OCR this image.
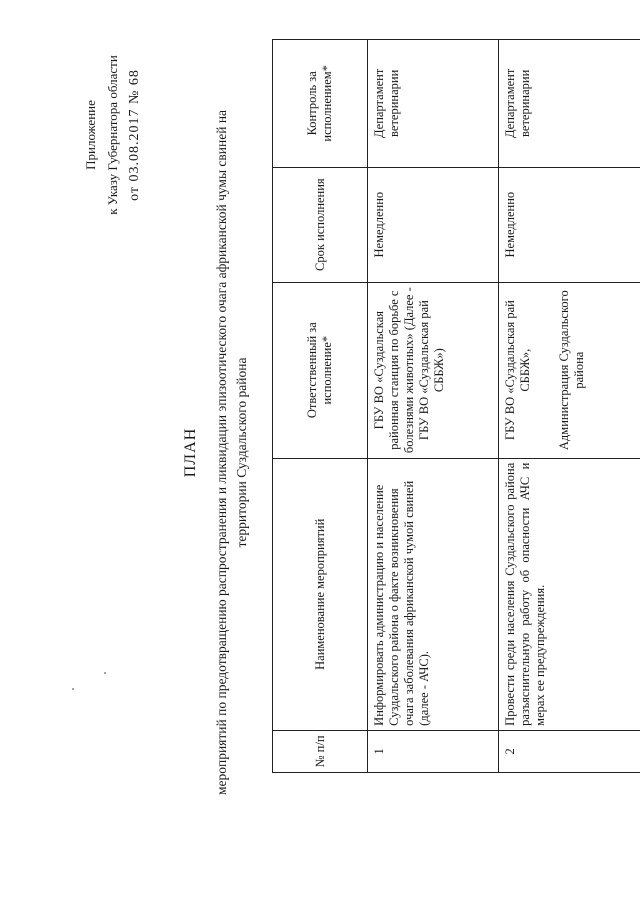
Приложение к Указу Губернатора области от 03.08.2017 № 68
ПЛАН мероприятий по предотвращению распространения и ликвидации эпизоотического очага африканской чумы свиней на территории Суздальского района
№ п/п	Наименование мероприятий	Ответственный за исполнение*	Срок исполнения	Контроль за исполнением*
1	Информировать администрацию и население Суздальского района о факте возникновения очага заболевания африканской чумой свиней (далее - АЧС).	ГБУ ВО «Суздальская районная станция по борьбе с болезнями животных» (Далее - ГБУ ВО «Суздальская рай СББЖ»)	Немедленно	Департамент ветеринарии
2	Провести среди населения Суздальского района разъяснительную работу об опасности АЧС и мерах ее предупреждения.	ГБУ ВО «Суздальская рай СББЖ», Администрация Суздальского района	Немедленно	Департамент ветеринарии
